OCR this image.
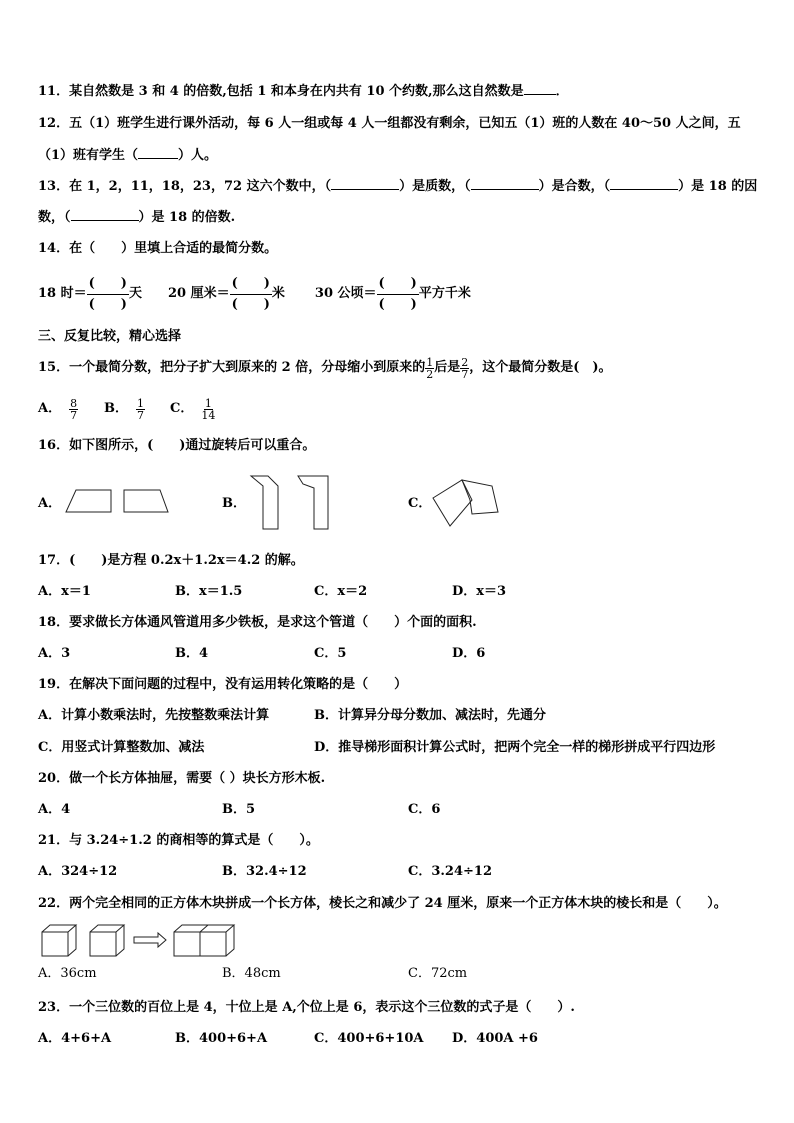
11．某自然数是 3 和 4 的倍数,包括 1 和本身在内共有 10 个约数,那么这自然数是 ．
12．五（1）班学生进行课外活动，每 6 人一组或每 4 人一组都没有剩余，已知五（1）班的人数在 40～50 人之间，五
（1）班有学生（	）人。
13．在 1，2，11，18，23，72 这六个数中，（	）是质数，（	）是合数，（	）是 18 的因
数，（	）是 18 的倍数.
14．在（　　）里填上合适的最简分数。
18 时＝
(　　)
(　　)
天 20 厘米＝
(　　)
(　　)
米 30 公顷＝
(　　)
(　　)
平方千米
三、反复比较，精心选择
15．一个最简分数，把分子扩大到原来的 2 倍，分母缩小到原来的 $\frac{1}{2}$ 后是 $\frac{2}{7}$ ，这个最简分数是(　)。
A． $\frac{8}{7}$ B． $\frac{1}{7}$ C． $\frac{1}{14}$
16．如下图所示，(　　)通过旋转后可以重合。
A．	B．	C．
17．(　　)是方程 0.2x＋1.2x＝4.2 的解。
A．x＝1	B．x＝1.5	C．x＝2	D．x＝3
18．要求做长方体通风管道用多少铁板，是求这个管道（　　）个面的面积.
A．3	B．4	C．5	D．6
19．在解决下面问题的过程中，没有运用转化策略的是（　　）
A．计算小数乘法时，先按整数乘法计算	B．计算异分母分数加、减法时，先通分
C．用竖式计算整数加、减法	D．推导梯形面积计算公式时，把两个完全一样的梯形拼成平行四边形
20．做一个长方体抽屉，需要（ ）块长方形木板.
A．4	B．5	C．6
21．与 3.24÷1.2 的商相等的算式是（　　）。
A．324÷12	B．32.4÷12	C．3.24÷12
22．两个完全相同的正方体木块拼成一个长方体，棱长之和减少了 24 厘米，原来一个正方体木块的棱长和是（　　）。
A．36cm	B．48cm	C．72cm
23．一个三位数的百位上是 4，十位上是 A,个位上是 6，表示这个三位数的式子是（　　）.
A．4+6+A	B．400+6+A	C．400+6+10A D．400A +6
